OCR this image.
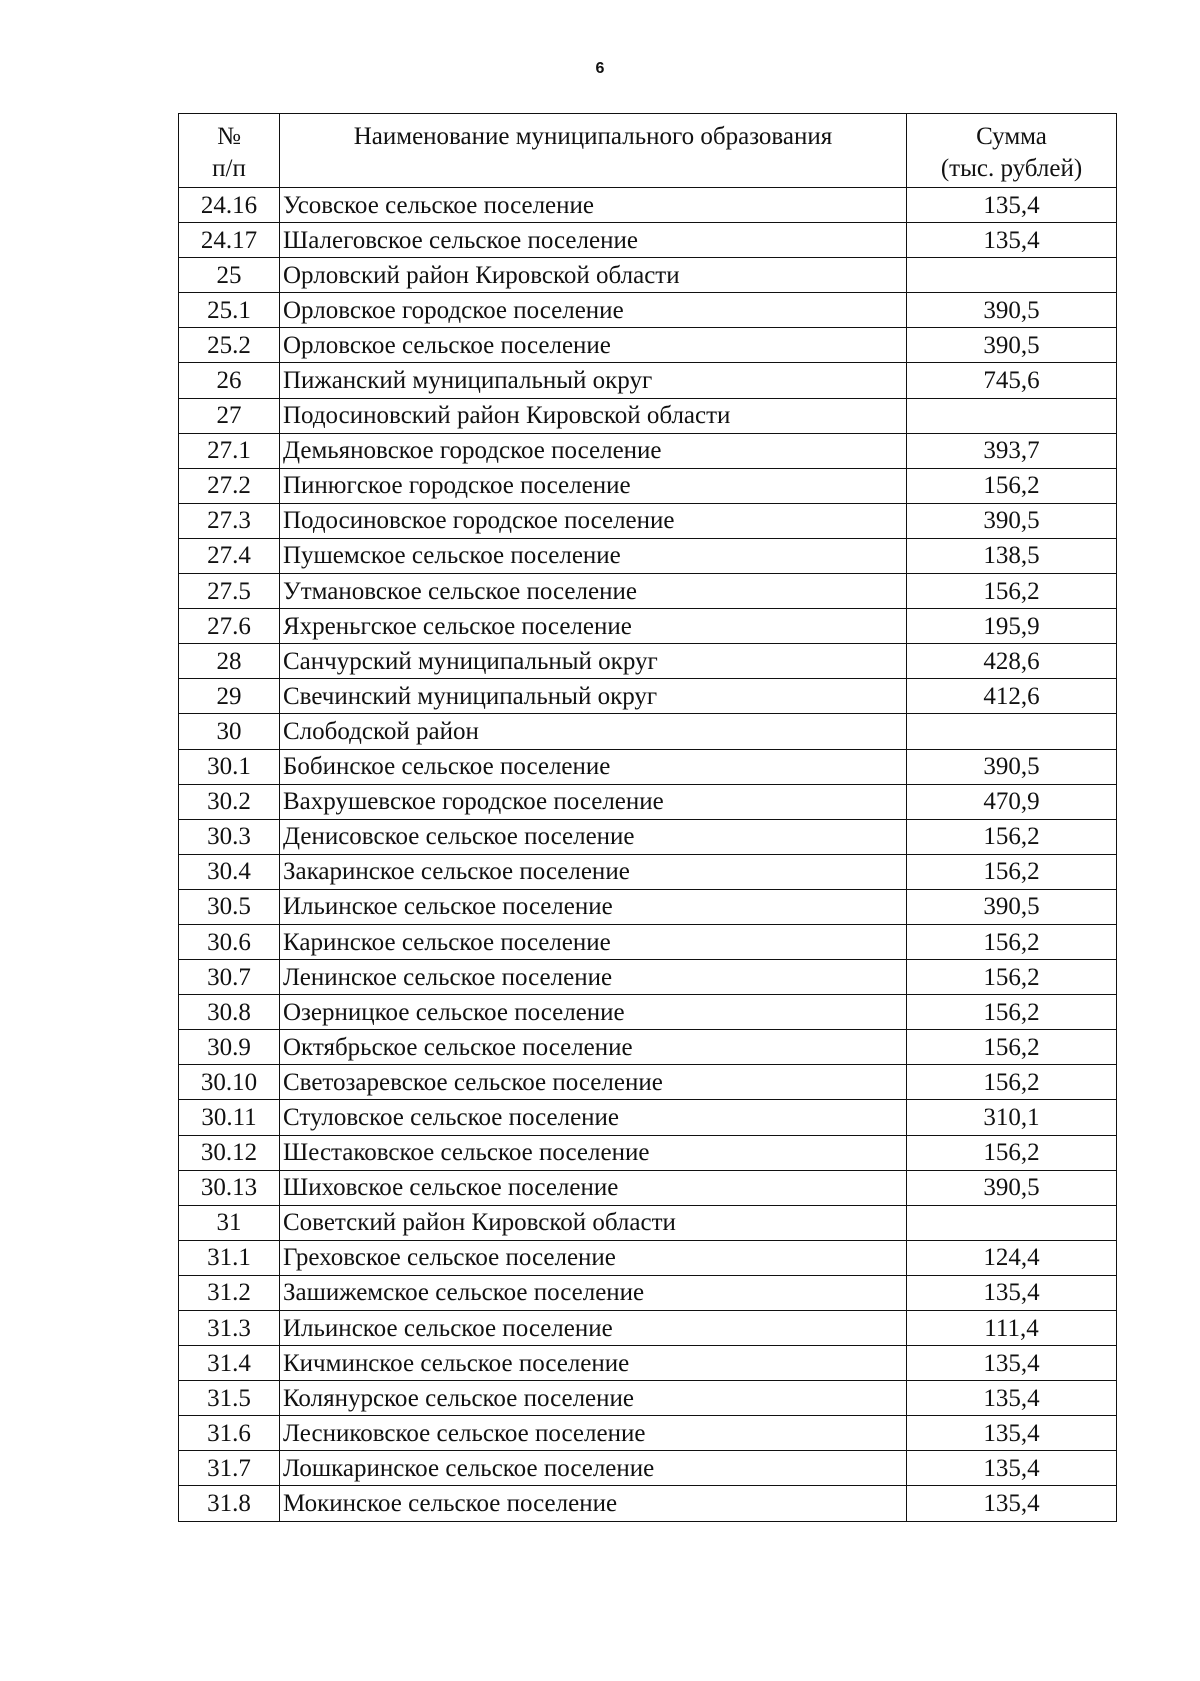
6
№
п/п	Наименование муниципального образования	Сумма
(тыс. рублей)

24.16	Усовское сельское поселение	135,4
24.17	Шалеговское сельское поселение	135,4
25	Орловский район Кировской области	
25.1	Орловское городское поселение	390,5
25.2	Орловское сельское поселение	390,5
26	Пижанский муниципальный округ	745,6
27	Подосиновский район Кировской области	
27.1	Демьяновское городское поселение	393,7
27.2	Пинюгское городское поселение	156,2
27.3	Подосиновское городское поселение	390,5
27.4	Пушемское сельское поселение	138,5
27.5	Утмановское сельское поселение	156,2
27.6	Яхреньгское сельское поселение	195,9
28	Санчурский муниципальный округ	428,6
29	Свечинский муниципальный округ	412,6
30	Слободской район	
30.1	Бобинское сельское поселение	390,5
30.2	Вахрушевское городское поселение	470,9
30.3	Денисовское сельское поселение	156,2
30.4	Закаринское сельское поселение	156,2
30.5	Ильинское сельское поселение	390,5
30.6	Каринское сельское поселение	156,2
30.7	Ленинское сельское поселение	156,2
30.8	Озерницкое сельское поселение	156,2
30.9	Октябрьское сельское поселение	156,2
30.10	Светозаревское сельское поселение	156,2
30.11	Стуловское сельское поселение	310,1
30.12	Шестаковское сельское поселение	156,2
30.13	Шиховское сельское поселение	390,5
31	Советский район Кировской области	
31.1	Греховское сельское поселение	124,4
31.2	Зашижемское сельское поселение	135,4
31.3	Ильинское сельское поселение	111,4
31.4	Кичминское сельское поселение	135,4
31.5	Колянурское сельское поселение	135,4
31.6	Лесниковское сельское поселение	135,4
31.7	Лошкаринское сельское поселение	135,4
31.8	Мокинское сельское поселение	135,4
